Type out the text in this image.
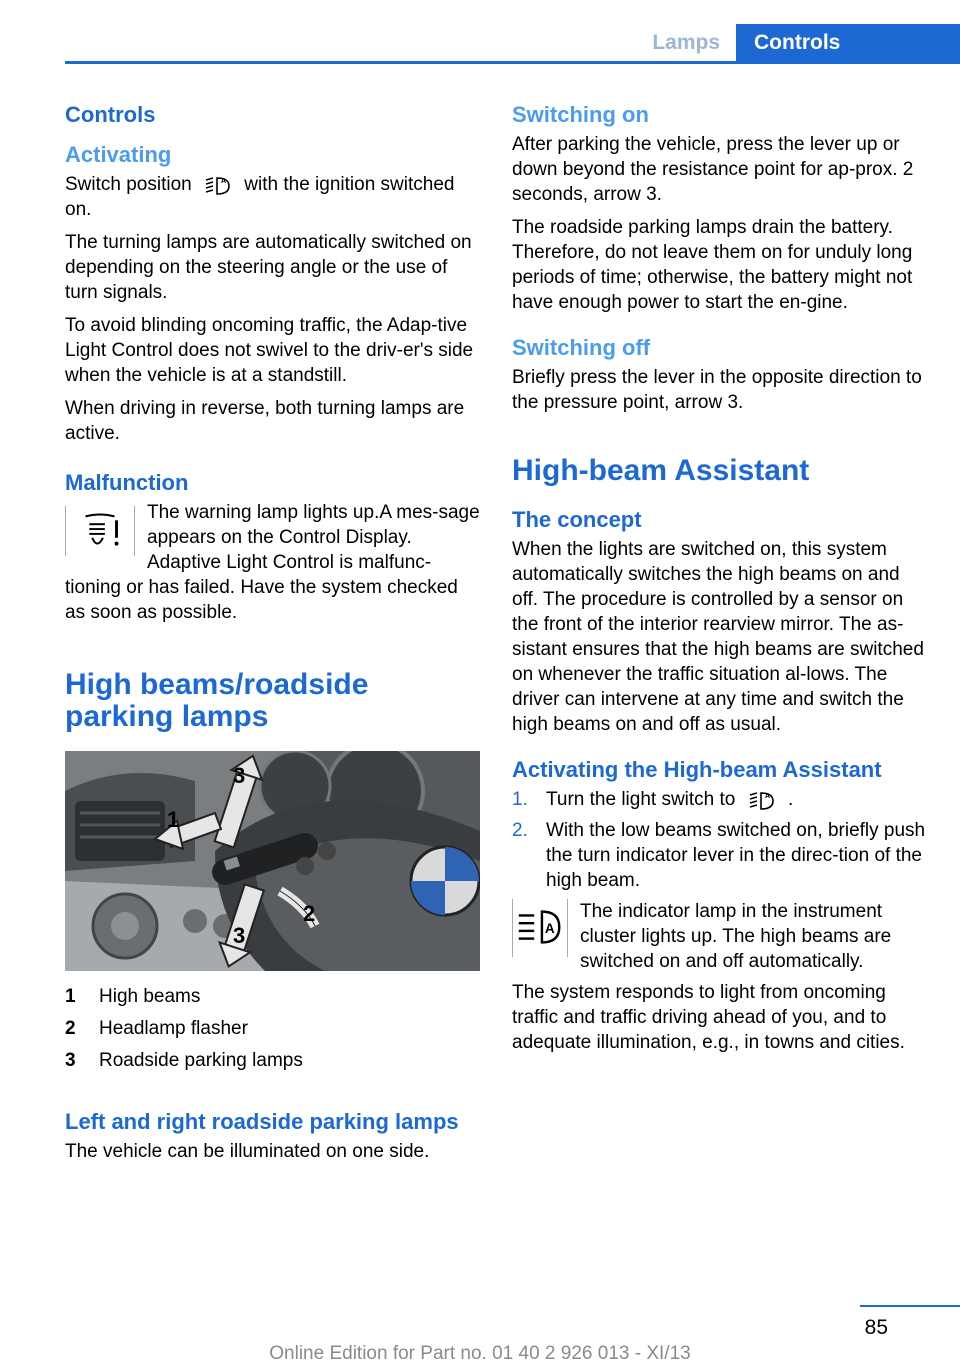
Lamps	Controls
Controls
Activating

Switch position	A with the ignition switched on.

The turning lamps are automatically switched on depending on the steering angle or the use of turn signals.

To avoid blinding oncoming traffic, the Adap‐tive Light Control does not swivel to the driv‐er's side when the vehicle is at a standstill.

When driving in reverse, both turning lamps are active.

Malfunction

The warning lamp lights up.A mes‐sage appears on the Control Display. Adaptive Light Control is malfunc‐tioning or has failed. Have the system checked as soon as possible.

High beams/roadside parking lamps
3
1
2
3
1	High beams
2	Headlamp flasher
3	Roadside parking lamps
Left and right roadside parking lamps

The vehicle can be illuminated on one side.

Switching on

After parking the vehicle, press the lever up or down beyond the resistance point for ap‐prox. 2 seconds, arrow 3.

The roadside parking lamps drain the battery. Therefore, do not leave them on for unduly long periods of time; otherwise, the battery might not have enough power to start the en‐gine.

Switching off

Briefly press the lever in the opposite direction to the pressure point, arrow 3.

High-beam Assistant
The concept

When the lights are switched on, this system automatically switches the high beams on and off. The procedure is controlled by a sensor on the front of the interior rearview mirror. The as‐sistant ensures that the high beams are switched on whenever the traffic situation al‐lows. The driver can intervene at any time and switch the high beams on and off as usual.

Activating the High-beam Assistant
1. Turn the light switch to	A .
2. With the low beams switched on, briefly push the turn indicator lever in the direc‐tion of the high beam.
A

The indicator lamp in the instrument cluster lights up. The high beams are switched on and off automatically.

The system responds to light from oncoming traffic and traffic driving ahead of you, and to adequate illumination, e.g., in towns and cities.

85
Online Edition for Part no. 01 40 2 926 013 - XI/13
